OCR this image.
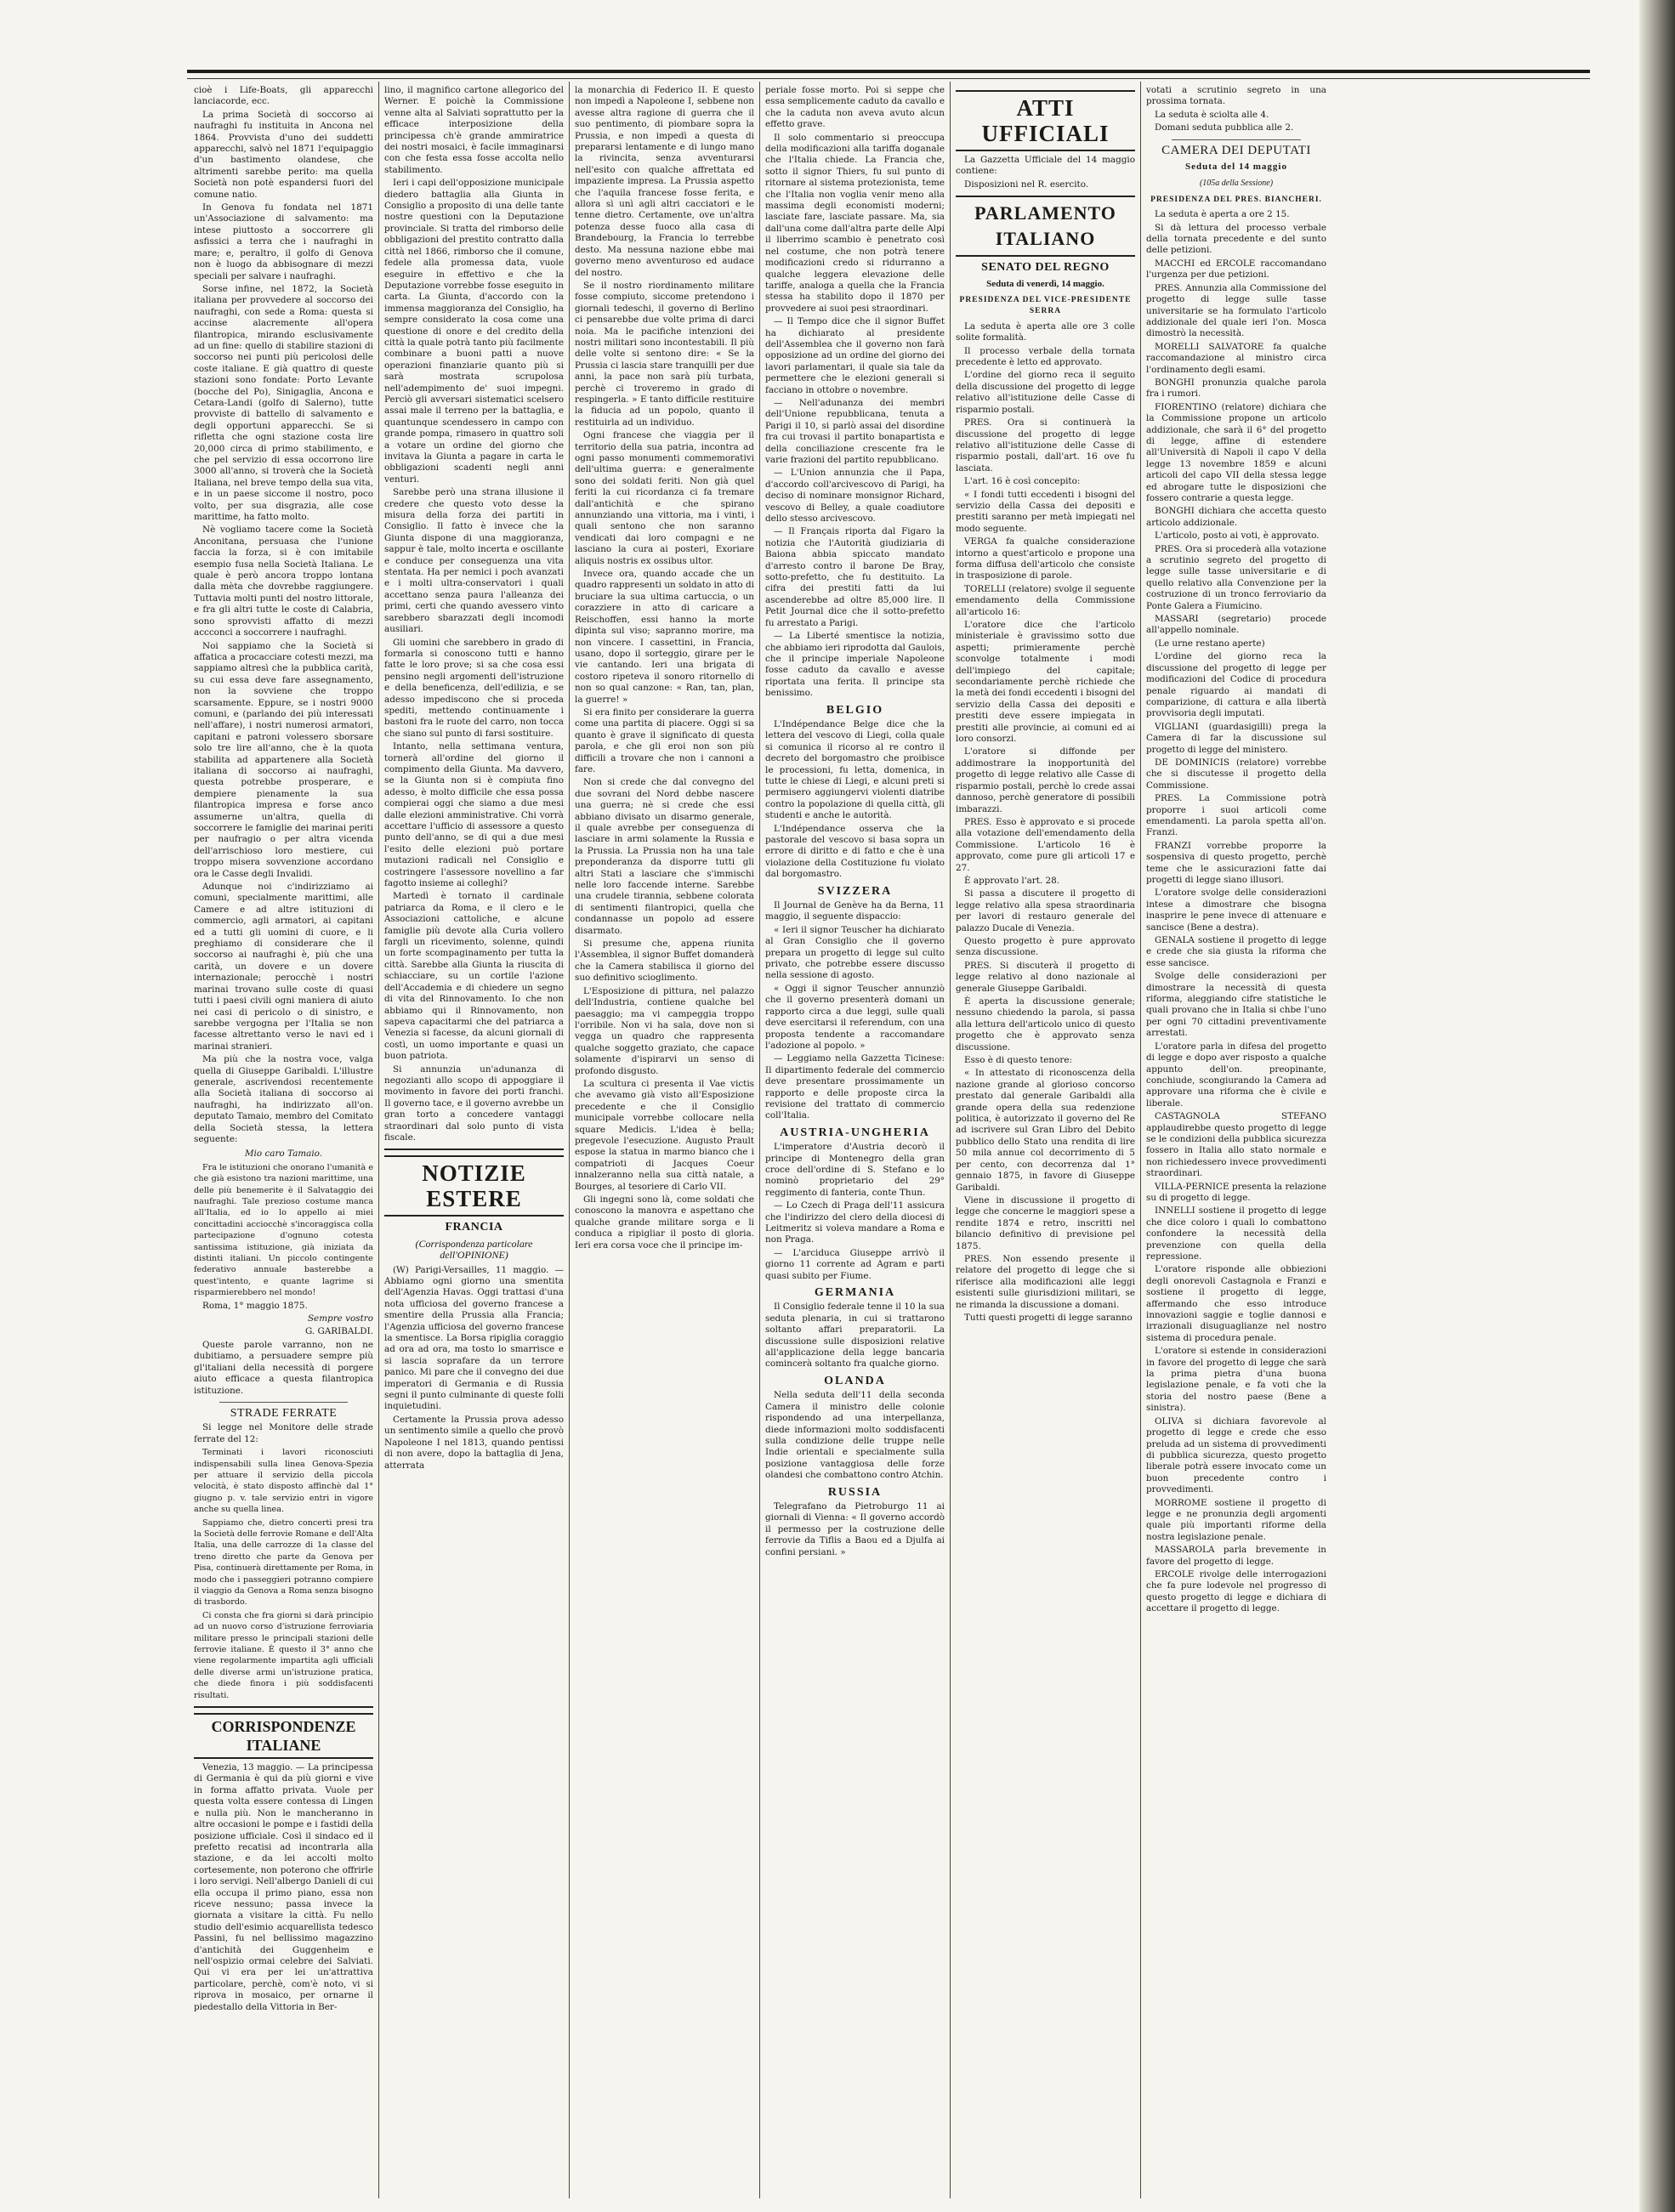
cioè i Life-Boats, gli apparecchi lanciacorde, ecc.

La prima Società di soccorso ai naufraghi fu instituita in Ancona nel 1864. Provvista d'uno dei suddetti apparecchi, salvò nel 1871 l'equipaggio d'un bastimento olandese, che altrimenti sarebbe perito: ma quella Società non potè espandersi fuori del comune natio.

In Genova fu fondata nel 1871 un'Associazione di salvamento: ma intese piuttosto a soccorrere gli asfissici a terra che i naufraghi in mare; e, peraltro, il golfo di Genova non è luogo da abbisognare di mezzi speciali per salvare i naufraghi.

Sorse infine, nel 1872, la Società italiana per provvedere al soccorso dei naufraghi, con sede a Roma: questa si accinse alacremente all'opera filantropica, mirando esclusivamente ad un fine: quello di stabilire stazioni di soccorso nei punti più pericolosi delle coste italiane. E già quattro di queste stazioni sono fondate: Porto Levante (bocche del Po), Sinigaglia, Ancona e Cetara-Landi (golfo di Salerno), tutte provviste di battello di salvamento e degli opportuni apparecchi. Se si rifletta che ogni stazione costa lire 20,000 circa di primo stabilimento, e che pel servizio di essa occorrono lire 3000 all'anno, si troverà che la Società Italiana, nel breve tempo della sua vita, e in un paese siccome il nostro, poco volto, per sua disgrazia, alle cose marittime, ha fatto molto.

Nè vogliamo tacere come la Società Anconitana, persuasa che l'unione faccia la forza, si è con imitabile esempio fusa nella Società Italiana. Le quale è però ancora troppo lontana dalla mèta che dovrebbe raggiungere. Tuttavia molti punti del nostro littorale, e fra gli altri tutte le coste di Calabria, sono sprovvisti affatto di mezzi accconci a soccorrere i naufraghi.

Noi sappiamo che la Società si affatica a procacciare cotesti mezzi, ma sappiamo altresì che la pubblica carità, su cui essa deve fare assegnamento, non la sovviene che troppo scarsamente. Eppure, se i nostri 9000 comuni, e (parlando dei più interessati nell'affare), i nostri numerosi armatori, capitani e patroni volessero sborsare solo tre lire all'anno, che è la quota stabilita ad appartenere alla Società italiana di soccorso ai naufraghi, questa potrebbe prosperare, e dempiere pienamente la sua filantropica impresa e forse anco assumerne un'altra, quella di soccorrere le famiglie dei marinai periti per naufragio o per altra vicenda dell'arrischioso loro mestiere, cui troppo misera sovvenzione accordano ora le Casse degli Invalidi.

Adunque noi c'indirizziamo ai comuni, specialmente marittimi, alle Camere e ad altre istituzioni di commercio, agli armatori, ai capitani ed a tutti gli uomini di cuore, e li preghiamo di considerare che il soccorso ai naufraghi è, più che una carità, un dovere e un dovere internazionale; perocchè i nostri marinai trovano sulle coste di quasi tutti i paesi civili ogni maniera di aiuto nei casi di pericolo o di sinistro, e sarebbe vergogna per l'Italia se non facesse altrettanto verso le navi ed i marinai stranieri.

Ma più che la nostra voce, valga quella di Giuseppe Garibaldi. L'illustre generale, ascrivendosi recentemente alla Società italiana di soccorso ai naufraghi, ha indirizzato all'on. deputato Tamaio, membro del Comitato della Società stessa, la lettera seguente:

Mio caro Tamaio.

Fra le istituzioni che onorano l'umanità e che già esistono tra nazioni marittime, una delle più benemerite è il Salvataggio dei naufraghi. Tale prezioso costume manca all'Italia, ed io lo appello ai miei concittadini acciocchè s'incoraggisca colla partecipazione d'ognuno cotesta santissima istituzione, già iniziata da distinti italiani. Un piccolo contingente federativo annuale basterebbe a quest'intento, e quante lagrime si risparmierebbero nel mondo!

Roma, 1° maggio 1875.

Sempre vostro

G. GARIBALDI.

Queste parole varranno, non ne dubitiamo, a persuadere sempre più gl'italiani della necessità di porgere aiuto efficace a questa filantropica istituzione.

STRADE FERRATE

Si legge nel Monitore delle strade ferrate del 12:

Terminati i lavori riconosciuti indispensabili sulla linea Genova-Spezia per attuare il servizio della piccola velocità, è stato disposto affinchè dal 1° giugno p. v. tale servizio entri in vigore anche su quella linea.

Sappiamo che, dietro concerti presi tra la Società delle ferrovie Romane e dell'Alta Italia, una delle carrozze di 1a classe del treno diretto che parte da Genova per Pisa, continuerà direttamente per Roma, in modo che i passeggieri potranno compiere il viaggio da Genova a Roma senza bisogno di trasbordo.

Ci consta che fra giorni si darà principio ad un nuovo corso d'istruzione ferroviaria militare presso le principali stazioni delle ferrovie italiane. È questo il 3° anno che viene regolarmente impartita agli ufficiali delle diverse armi un'istruzione pratica, che diede finora i più soddisfacenti risultati.

CORRISPONDENZE ITALIANE

Venezia, 13 maggio. — La principessa di Germania è qui da più giorni e vive in forma affatto privata. Vuole per questa volta essere contessa di Lingen e nulla più. Non le mancheranno in altre occasioni le pompe e i fastidi della posizione ufficiale. Così il sindaco ed il prefetto recatisi ad incontrarla alla stazione, e da lei accolti molto cortesemente, non poterono che offrirle i loro servigi. Nell'albergo Danieli di cui ella occupa il primo piano, essa non riceve nessuno; passa invece la giornata a visitare la città. Fu nello studio dell'esimio acquarellista tedesco Passini, fu nel bellissimo magazzino d'antichità dei Guggenheim e nell'ospizio ormai celebre dei Salviati. Qui vi era per lei un'attrattiva particolare, perchè, com'è noto, vi si riprova in mosaico, per ornarne il piedestallo della Vittoria in Ber-

lino, il magnifico cartone allegorico del Werner. E poichè la Commissione venne alta al Salviati soprattutto per la efficace interposizione della principessa ch'è grande ammiratrice dei nostri mosaici, è facile immaginarsi con che festa essa fosse accolta nello stabilimento.

Ieri i capi dell'opposizione municipale diedero battaglia alla Giunta in Consiglio a proposito di una delle tante nostre questioni con la Deputazione provinciale. Si tratta del rimborso delle obbligazioni del prestito contratto dalla città nel 1866, rimborso che il comune, fedele alla promessa data, vuole eseguire in effettivo e che la Deputazione vorrebbe fosse eseguito in carta. La Giunta, d'accordo con la immensa maggioranza del Consiglio, ha sempre considerato la cosa come una questione di onore e del credito della città la quale potrà tanto più facilmente combinare a buoni patti a nuove operazioni finanziarie quanto più si sarà mostrata scrupolosa nell'adempimento de' suoi impegni. Perciò gli avversari sistematici scelsero assai male il terreno per la battaglia, e quantunque scendessero in campo con grande pompa, rimasero in quattro soli a votare un ordine del giorno che invitava la Giunta a pagare in carta le obbligazioni scadenti negli anni venturi.

Sarebbe però una strana illusione il credere che questo voto desse la misura della forza dei partiti in Consiglio. Il fatto è invece che la Giunta dispone di una maggioranza, sappur è tale, molto incerta e oscillante e conduce per conseguenza una vita stentata. Ha per nemici i poch avanzati e i molti ultra-conservatori i quali accettano senza paura l'alleanza dei primi, certi che quando avessero vinto sarebbero sbarazzati degli incomodi ausiliari.

Gli uomini che sarebbero in grado di formarla si conoscono tutti e hanno fatte le loro prove; si sa che cosa essi pensino negli argomenti dell'istruzione e della beneficenza, dell'edilizia, e se adesso impediscono che si proceda spediti, mettendo continuamente i bastoni fra le ruote del carro, non tocca che siano sul punto di farsi sostituire.

Intanto, nella settimana ventura, tornerà all'ordine del giorno il compimento della Giunta. Ma davvero, se la Giunta non si è compiuta fino adesso, è molto difficile che essa possa compierai oggi che siamo a due mesi dalle elezioni amministrative. Chi vorrà accettare l'ufficio di assessore a questo punto dell'anno, se di qui a due mesi l'esito delle elezioni può portare mutazioni radicali nel Consiglio e costringere l'assessore novellino a far fagotto insieme ai colleghi?

Martedì è tornato il cardinale patriarca da Roma, e il clero e le Associazioni cattoliche, e alcune famiglie più devote alla Curia vollero fargli un ricevimento, solenne, quindi un forte scompaginamento per tutta la città. Sarebbe alla Giunta la riuscita di schiacciare, su un cortile l'azione dell'Accademia e di chiedere un segno di vita del Rinnovamento. Io che non abbiamo qui il Rinnovamento, non sapeva capacitarmi che del patriarca a Venezia si facesse, da alcuni giornali di costì, un uomo importante e quasi un buon patriota.

Si annunzia un'adunanza di negozianti allo scopo di appoggiare il movimento in favore dei porti franchi. Il governo tace, e il governo avrebbe un gran torto a concedere vantaggi straordinari dal solo punto di vista fiscale.

NOTIZIE ESTERE
FRANCIA
(Corrispondenza particolare dell'OPINIONE)

(W) Parigi-Versailles, 11 maggio. — Abbiamo ogni giorno una smentita dell'Agenzia Havas. Oggi trattasi d'una nota ufficiosa del governo francese a smentire della Prussia alla Francia; l'Agenzia ufficiosa del governo francese la smentisce. La Borsa ripiglia coraggio ad ora ad ora, ma tosto lo smarrisce e si lascia soprafare da un terrore panico. Mi pare che il convegno dei due imperatori di Germania e di Russia segni il punto culminante di queste folli inquietudini.

Certamente la Prussia prova adesso un sentimento simile a quello che provò Napoleone I nel 1813, quando pentissi di non avere, dopo la battaglia di Jena, atterrata

la monarchia di Federico II. E questo non impedì a Napoleone I, sebbene non avesse altra ragione di guerra che il suo pentimento, di piombare sopra la Prussia, e non impedì a questa di prepararsi lentamente e di lungo mano la rivincita, senza avventurarsi nell'esito con qualche affrettata ed impaziente impresa. La Prussia aspetto che l'aquila francese fosse ferita, e allora sì unì agli altri cacciatori e le tenne dietro. Certamente, ove un'altra potenza desse fuoco alla casa di Brandebourg, la Francia lo terrebbe desto. Ma nessuna nazione ebbe mai governo meno avventuroso ed audace del nostro.

Se il nostro riordinamento militare fosse compiuto, siccome pretendono i giornali tedeschi, il governo di Berlino ci pensarebbe due volte prima di darci noia. Ma le pacifiche intenzioni dei nostri militari sono incontestabili. Il più delle volte si sentono dire: « Se la Prussia ci lascia stare tranquilli per due anni, la pace non sarà più turbata, perchè ci troveremo in grado di respingerla. » E tanto difficile restituire la fiducia ad un popolo, quanto il restituirla ad un individuo.

Ogni francese che viaggia per il territorio della sua patria, incontra ad ogni passo monumenti commemorativi dell'ultima guerra: e generalmente sono dei soldati feriti. Non già quel feriti la cui ricordanza ci fa tremare dall'antichità e che spirano annunziando una vittoria, ma i vinti, i quali sentono che non saranno vendicati dai loro compagni e ne lasciano la cura ai posteri, Exoriare aliquis nostris ex ossibus ultor.

Invece ora, quando accade che un quadro rappresenti un soldato in atto di bruciare la sua ultima cartuccia, o un corazziere in atto di caricare a Reischoffen, essi hanno la morte dipinta sul viso; sapranno morire, ma non vincere. I cassettini, in Francia, usano, dopo il sorteggio, girare per le vie cantando. Ieri una brigata di costoro ripeteva il sonoro ritornello di non so qual canzone: « Ran, tan, plan, la guerre! »

Si era finito per considerare la guerra come una partita di piacere. Oggi si sa quanto è grave il significato di questa parola, e che gli eroi non son più difficili a trovare che non i cannoni a fare.

Non si crede che dal convegno del due sovrani del Nord debbe nascere una guerra; nè si crede che essi abbiano divisato un disarmo generale, il quale avrebbe per conseguenza di lasciare in armi solamente la Russia e la Prussia. La Prussia non ha una tale preponderanza da disporre tutti gli altri Stati a lasciare che s'immischi nelle loro faccende interne. Sarebbe una crudele tirannia, sebbene colorata di sentimenti filantropici, quella che condannasse un popolo ad essere disarmato.

Si presume che, appena riunita l'Assemblea, il signor Buffet domanderà che la Camera stabilisca il giorno del suo definitivo scioglimento.

L'Esposizione di pittura, nel palazzo dell'Industria, contiene qualche bel paesaggio; ma vi campeggia troppo l'orribile. Non vi ha sala, dove non si vegga un quadro che rappresenta qualche soggetto graziato, che capace solamente d'ispirarvi un senso di profondo disgusto.

La scultura ci presenta il Vae victis che avevamo già visto all'Esposizione precedente e che il Consiglio municipale vorrebbe collocare nella square Medicis. L'idea è bella; pregevole l'esecuzione. Augusto Prault espose la statua in marmo bianco che i compatrioti di Jacques Coeur innalzeranno nella sua città natale, a Bourges, al tesoriere di Carlo VII.

Gli ingegni sono là, come soldati che conoscono la manovra e aspettano che qualche grande militare sorga e li conduca a ripigliar il posto di gloria. Ieri era corsa voce che il principe im-

periale fosse morto. Poi si seppe che essa semplicemente caduto da cavallo e che la caduta non aveva avuto alcun effetto grave.

Il solo commentario si preoccupa della modificazioni alla tariffa doganale che l'Italia chiede. La Francia che, sotto il signor Thiers, fu sul punto di ritornare al sistema protezionista, teme che l'Italia non voglia venir meno alla massima degli economisti moderni; lasciate fare, lasciate passare. Ma, sia dall'una come dall'altra parte delle Alpi il liberrimo scambio è penetrato così nel costume, che non potrà tenere modificazioni credo si ridurranno a qualche leggera elevazione delle tariffe, analoga a quella che la Francia stessa ha stabilito dopo il 1870 per provvedere ai suoi pesi straordinari.

— Il Tempo dice che il signor Buffet ha dichiarato al presidente dell'Assemblea che il governo non farà opposizione ad un ordine del giorno dei lavori parlamentari, il quale sia tale da permettere che le elezioni generali si facciano in ottobre o novembre.

— Nell'adunanza dei membri dell'Unione repubblicana, tenuta a Parigi il 10, si parlò assai del disordine fra cui trovasi il partito bonapartista e della conciliazione crescente fra le varie frazioni del partito repubblicano.

— L'Union annunzia che il Papa, d'accordo coll'arcivescovo di Parigi, ha deciso di nominare monsignor Richard, vescovo di Belley, a quale coadiutore dello stesso arcivescovo.

— Il Français riporta dal Figaro la notizia che l'Autorità giudiziaria di Baiona abbia spiccato mandato d'arresto contro il barone De Bray, sotto-prefetto, che fu destituito. La cifra dei prestiti fatti da lui ascenderebbe ad oltre 85,000 lire. Il Petit Journal dice che il sotto-prefetto fu arrestato a Parigi.

— La Liberté smentisce la notizia, che abbiamo ieri riprodotta dal Gaulois, che il principe imperiale Napoleone fosse caduto da cavallo e avesse riportata una ferita. Il principe sta benissimo.

BELGIO

L'Indépendance Belge dice che la lettera del vescovo di Liegi, colla quale si comunica il ricorso al re contro il decreto del borgomastro che proibisce le processioni, fu letta, domenica, in tutte le chiese di Liegi, e alcuni preti si permisero aggiungervi violenti diatribe contro la popolazione di quella città, gli studenti e anche le autorità.

L'Indépendance osserva che la pastorale del vescovo si basa sopra un errore di diritto e di fatto e che è una violazione della Costituzione fu violato dal borgomastro.

SVIZZERA

Il Journal de Genève ha da Berna, 11 maggio, il seguente dispaccio:

« Ieri il signor Teuscher ha dichiarato al Gran Consiglio che il governo prepara un progetto di legge sul culto privato, che potrebbe essere discusso nella sessione di agosto.

« Oggi il signor Teuscher annunziò che il governo presenterà domani un rapporto circa a due leggi, sulle quali deve esercitarsi il referendum, con una proposta tendente a raccomandare l'adozione al popolo. »

— Leggiamo nella Gazzetta Ticinese: Il dipartimento federale del commercio deve presentare prossimamente un rapporto e delle proposte circa la revisione del trattato di commercio coll'Italia.

AUSTRIA-UNGHERIA

L'imperatore d'Austria decorò il principe di Montenegro della gran croce dell'ordine di S. Stefano e lo nominò proprietario del 29° reggimento di fanteria, conte Thun.

— Lo Czech di Praga dell'11 assicura che l'indirizzo del clero della diocesi di Leitmeritz si voleva mandare a Roma e non Praga.

— L'arciduca Giuseppe arrivò il giorno 11 corrente ad Agram e parti quasi subito per Fiume.

GERMANIA

Il Consiglio federale tenne il 10 la sua seduta plenaria, in cui si trattarono soltanto affari preparatorii. La discussione sulle disposizioni relative all'applicazione della legge bancaria comincerà soltanto fra qualche giorno.

OLANDA

Nella seduta dell'11 della seconda Camera il ministro delle colonie rispondendo ad una interpellanza, diede informazioni molto soddisfacenti sulla condizione delle truppe nelle Indie orientali e specialmente sulla posizione vantaggiosa delle forze olandesi che combattono contro Atchin.

RUSSIA

Telegrafano da Pietroburgo 11 ai giornali di Vienna: « Il governo accordò il permesso per la costruzione delle ferrovie da Tiflis a Baou ed a Djulfa ai confini persiani. »

ATTI UFFICIALI

La Gazzetta Ufficiale del 14 maggio contiene:

Disposizioni nel R. esercito.

PARLAMENTO ITALIANO
SENATO DEL REGNO
Seduta di venerdì, 14 maggio.
PRESIDENZA DEL VICE-PRESIDENTE SERRA

La seduta è aperta alle ore 3 colle solite formalità.

Il processo verbale della tornata precedente è letto ed approvato.

L'ordine del giorno reca il seguito della discussione del progetto di legge relativo all'istituzione delle Casse di risparmio postali.

PRES. Ora si continuerà la discussione del progetto di legge relativo all'istituzione delle Casse di risparmio postali, dall'art. 16 ove fu lasciata.

L'art. 16 è così concepito:

« I fondi tutti eccedenti i bisogni del servizio della Cassa dei depositi e prestiti saranno per metà impiegati nel modo seguente.

VERGA fa qualche considerazione intorno a quest'articolo e propone una forma diffusa dell'articolo che consiste in trasposizione di parole.

TORELLI (relatore) svolge il seguente emendamento della Commissione all'articolo 16:

L'oratore dice che l'articolo ministeriale è gravissimo sotto due aspetti; primieramente perchè sconvolge totalmente i modi dell'impiego del capitale; secondariamente perchè richiede che la metà dei fondi eccedenti i bisogni del servizio della Cassa dei depositi e prestiti deve essere impiegata in prestiti alle provincie, ai comuni ed ai loro consorzi.

L'oratore si diffonde per addimostrare la inopportunità del progetto di legge relativo alle Casse di risparmio postali, perchè lo crede assai dannoso, perchè generatore di possibili imbarazzi.

PRES. Esso è approvato e si procede alla votazione dell'emendamento della Commissione. L'articolo 16 è approvato, come pure gli articoli 17 e 27.

È approvato l'art. 28.

Si passa a discutere il progetto di legge relativo alla spesa straordinaria per lavori di restauro generale del palazzo Ducale di Venezia.

Questo progetto è pure approvato senza discussione.

PRES. Si discuterà il progetto di legge relativo al dono nazionale al generale Giuseppe Garibaldi.

È aperta la discussione generale; nessuno chiedendo la parola, si passa alla lettura dell'articolo unico di questo progetto che è approvato senza discussione.

Esso è di questo tenore:

« In attestato di riconoscenza della nazione grande al glorioso concorso prestato dal generale Garibaldi alla grande opera della sua redenzione politica, è autorizzato il governo del Re ad iscrivere sul Gran Libro del Debito pubblico dello Stato una rendita di lire 50 mila annue col decorrimento di 5 per cento, con decorrenza dal 1° gennaio 1875, in favore di Giuseppe Garibaldi.

Viene in discussione il progetto di legge che concerne le maggiori spese a rendite 1874 e retro, inscritti nel bilancio definitivo di previsione pel 1875.

PRES. Non essendo presente il relatore del progetto di legge che si riferisce alla modificazioni alle leggi esistenti sulle giurisdizioni militari, se ne rimanda la discussione a domani.

Tutti questi progetti di legge saranno

votati a scrutinio segreto in una prossima tornata.

La seduta è sciolta alle 4.

Domani seduta pubblica alle 2.

CAMERA DEI DEPUTATI
Seduta del 14 maggio
(105a della Sessione)
PRESIDENZA DEL PRES. BIANCHERI.

La seduta è aperta a ore 2 15.

Si dà lettura del processo verbale della tornata precedente e del sunto delle petizioni.

MACCHI ed ERCOLE raccomandano l'urgenza per due petizioni.

PRES. Annunzia alla Commissione del progetto di legge sulle tasse universitarie se ha formulato l'articolo addizionale del quale ieri l'on. Mosca dimostrò la necessità.

MORELLI SALVATORE fa qualche raccomandazione al ministro circa l'ordinamento degli esami.

BONGHI pronunzia qualche parola fra i rumori.

FIORENTINO (relatore) dichiara che la Commissione propone un articolo addizionale, che sarà il 6° del progetto di legge, affine di estendere all'Università di Napoli il capo V della legge 13 novembre 1859 e alcuni articoli del capo VII della stessa legge ed abrogare tutte le disposizioni che fossero contrarie a questa legge.

BONGHI dichiara che accetta questo articolo addizionale.

L'articolo, posto ai voti, è approvato.

PRES. Ora si procederà alla votazione a scrutinio segreto del progetto di legge sulle tasse universitarie e di quello relativo alla Convenzione per la costruzione di un tronco ferroviario da Ponte Galera a Fiumicino.

MASSARI (segretario) procede all'appello nominale.

(Le urne restano aperte)

L'ordine del giorno reca la discussione del progetto di legge per modificazioni del Codice di procedura penale riguardo ai mandati di comparizione, di cattura e alla libertà provvisoria degli imputati.

VIGLIANI (guardasigilli) prega la Camera di far la discussione sul progetto di legge del ministero.

DE DOMINICIS (relatore) vorrebbe che si discutesse il progetto della Commissione.

PRES. La Commissione potrà proporre i suoi articoli come emendamenti. La parola spetta all'on. Franzi.

FRANZI vorrebbe proporre la sospensiva di questo progetto, perchè teme che le assicurazioni fatte dai progetti di legge siano illusori.

L'oratore svolge delle considerazioni intese a dimostrare che bisogna inasprire le pene invece di attenuare e sancisce (Bene a destra).

GENALA sostiene il progetto di legge e crede che sia giusta la riforma che esse sancisce.

Svolge delle considerazioni per dimostrare la necessità di questa riforma, aleggiando cifre statistiche le quali provano che in Italia si chbe l'uno per ogni 70 cittadini preventivamente arrestati.

L'oratore parla in difesa del progetto di legge e dopo aver risposto a qualche appunto dell'on. preopinante, conchiude, scongiurando la Camera ad approvare una riforma che è civile e liberale.

CASTAGNOLA STEFANO applaudirebbe questo progetto di legge se le condizioni della pubblica sicurezza fossero in Italia allo stato normale e non richiedessero invece provvedimenti straordinari.

VILLA-PERNICE presenta la relazione su di progetto di legge.

INNELLI sostiene il progetto di legge che dice coloro i quali lo combattono confondere la necessità della prevenzione con quella della repressione.

L'oratore risponde alle obbiezioni degli onorevoli Castagnola e Franzi e sostiene il progetto di legge, affermando che esso introduce innovazioni saggie e toglie dannosi e irrazionali disuguaglianze nel nostro sistema di procedura penale.

L'oratore si estende in considerazioni in favore del progetto di legge che sarà la prima pietra d'una buona legislazione penale, e fa voti che la storia del nostro paese (Bene a sinistra).

OLIVA si dichiara favorevole al progetto di legge e crede che esso preluda ad un sistema di provvedimenti di pubblica sicurezza, questo progetto liberale potrà essere invocato come un buon precedente contro i provvedimenti.

MORROME sostiene il progetto di legge e ne pronunzia degli argomenti quale più importanti riforme della nostra legislazione penale.

MASSAROLA parla brevemente in favore del progetto di legge.

ERCOLE rivolge delle interrogazioni che fa pure lodevole nel progresso di questo progetto di legge e dichiara di accettare il progetto di legge.
